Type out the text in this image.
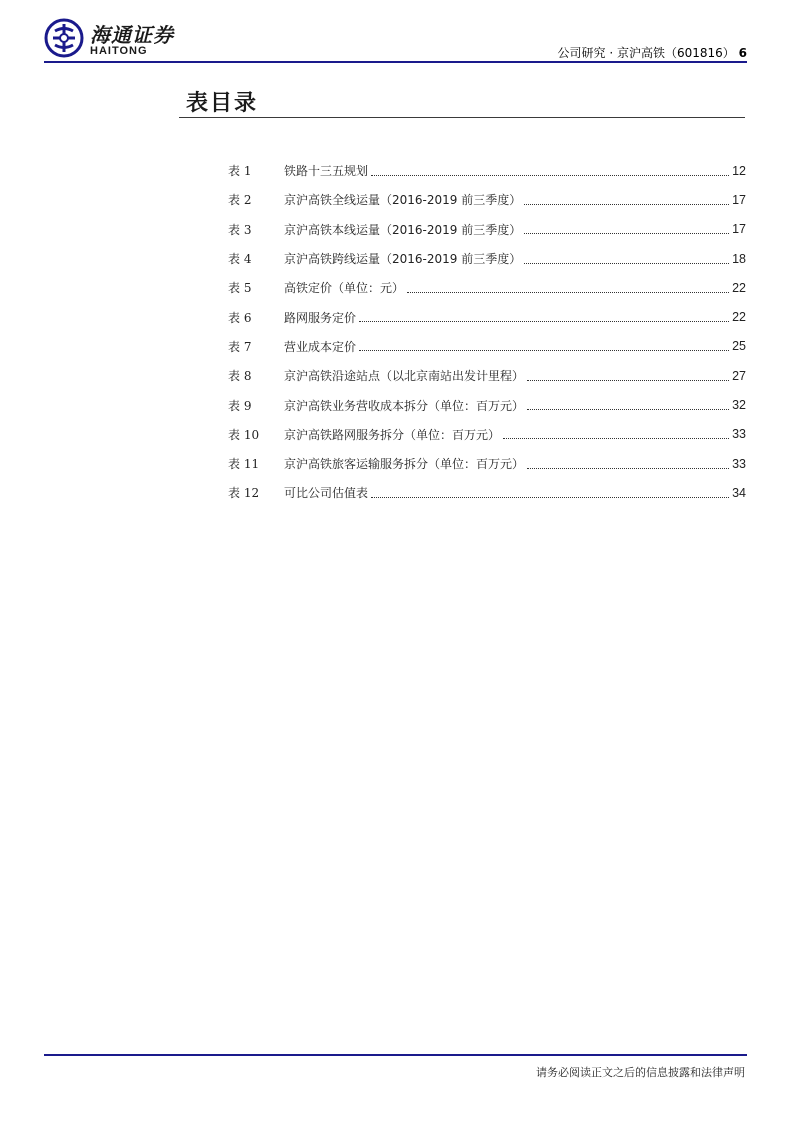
海通证券
HAITONG	公司研究 · 京沪高铁（601816） 6
表目录
表 1	铁路十三五规划	12
表 2	京沪高铁全线运量（2016-2019 前三季度）	17
表 3	京沪高铁本线运量（2016-2019 前三季度）	17
表 4	京沪高铁跨线运量（2016-2019 前三季度）	18
表 5	高铁定价（单位：元）	22
表 6	路网服务定价	22
表 7	营业成本定价	25
表 8	京沪高铁沿途站点（以北京南站出发计里程）	27
表 9	京沪高铁业务营收成本拆分（单位：百万元）	32
表 10	京沪高铁路网服务拆分（单位：百万元）	33
表 11	京沪高铁旅客运输服务拆分（单位：百万元）	33
表 12	可比公司估值表	34
请务必阅读正文之后的信息披露和法律声明
